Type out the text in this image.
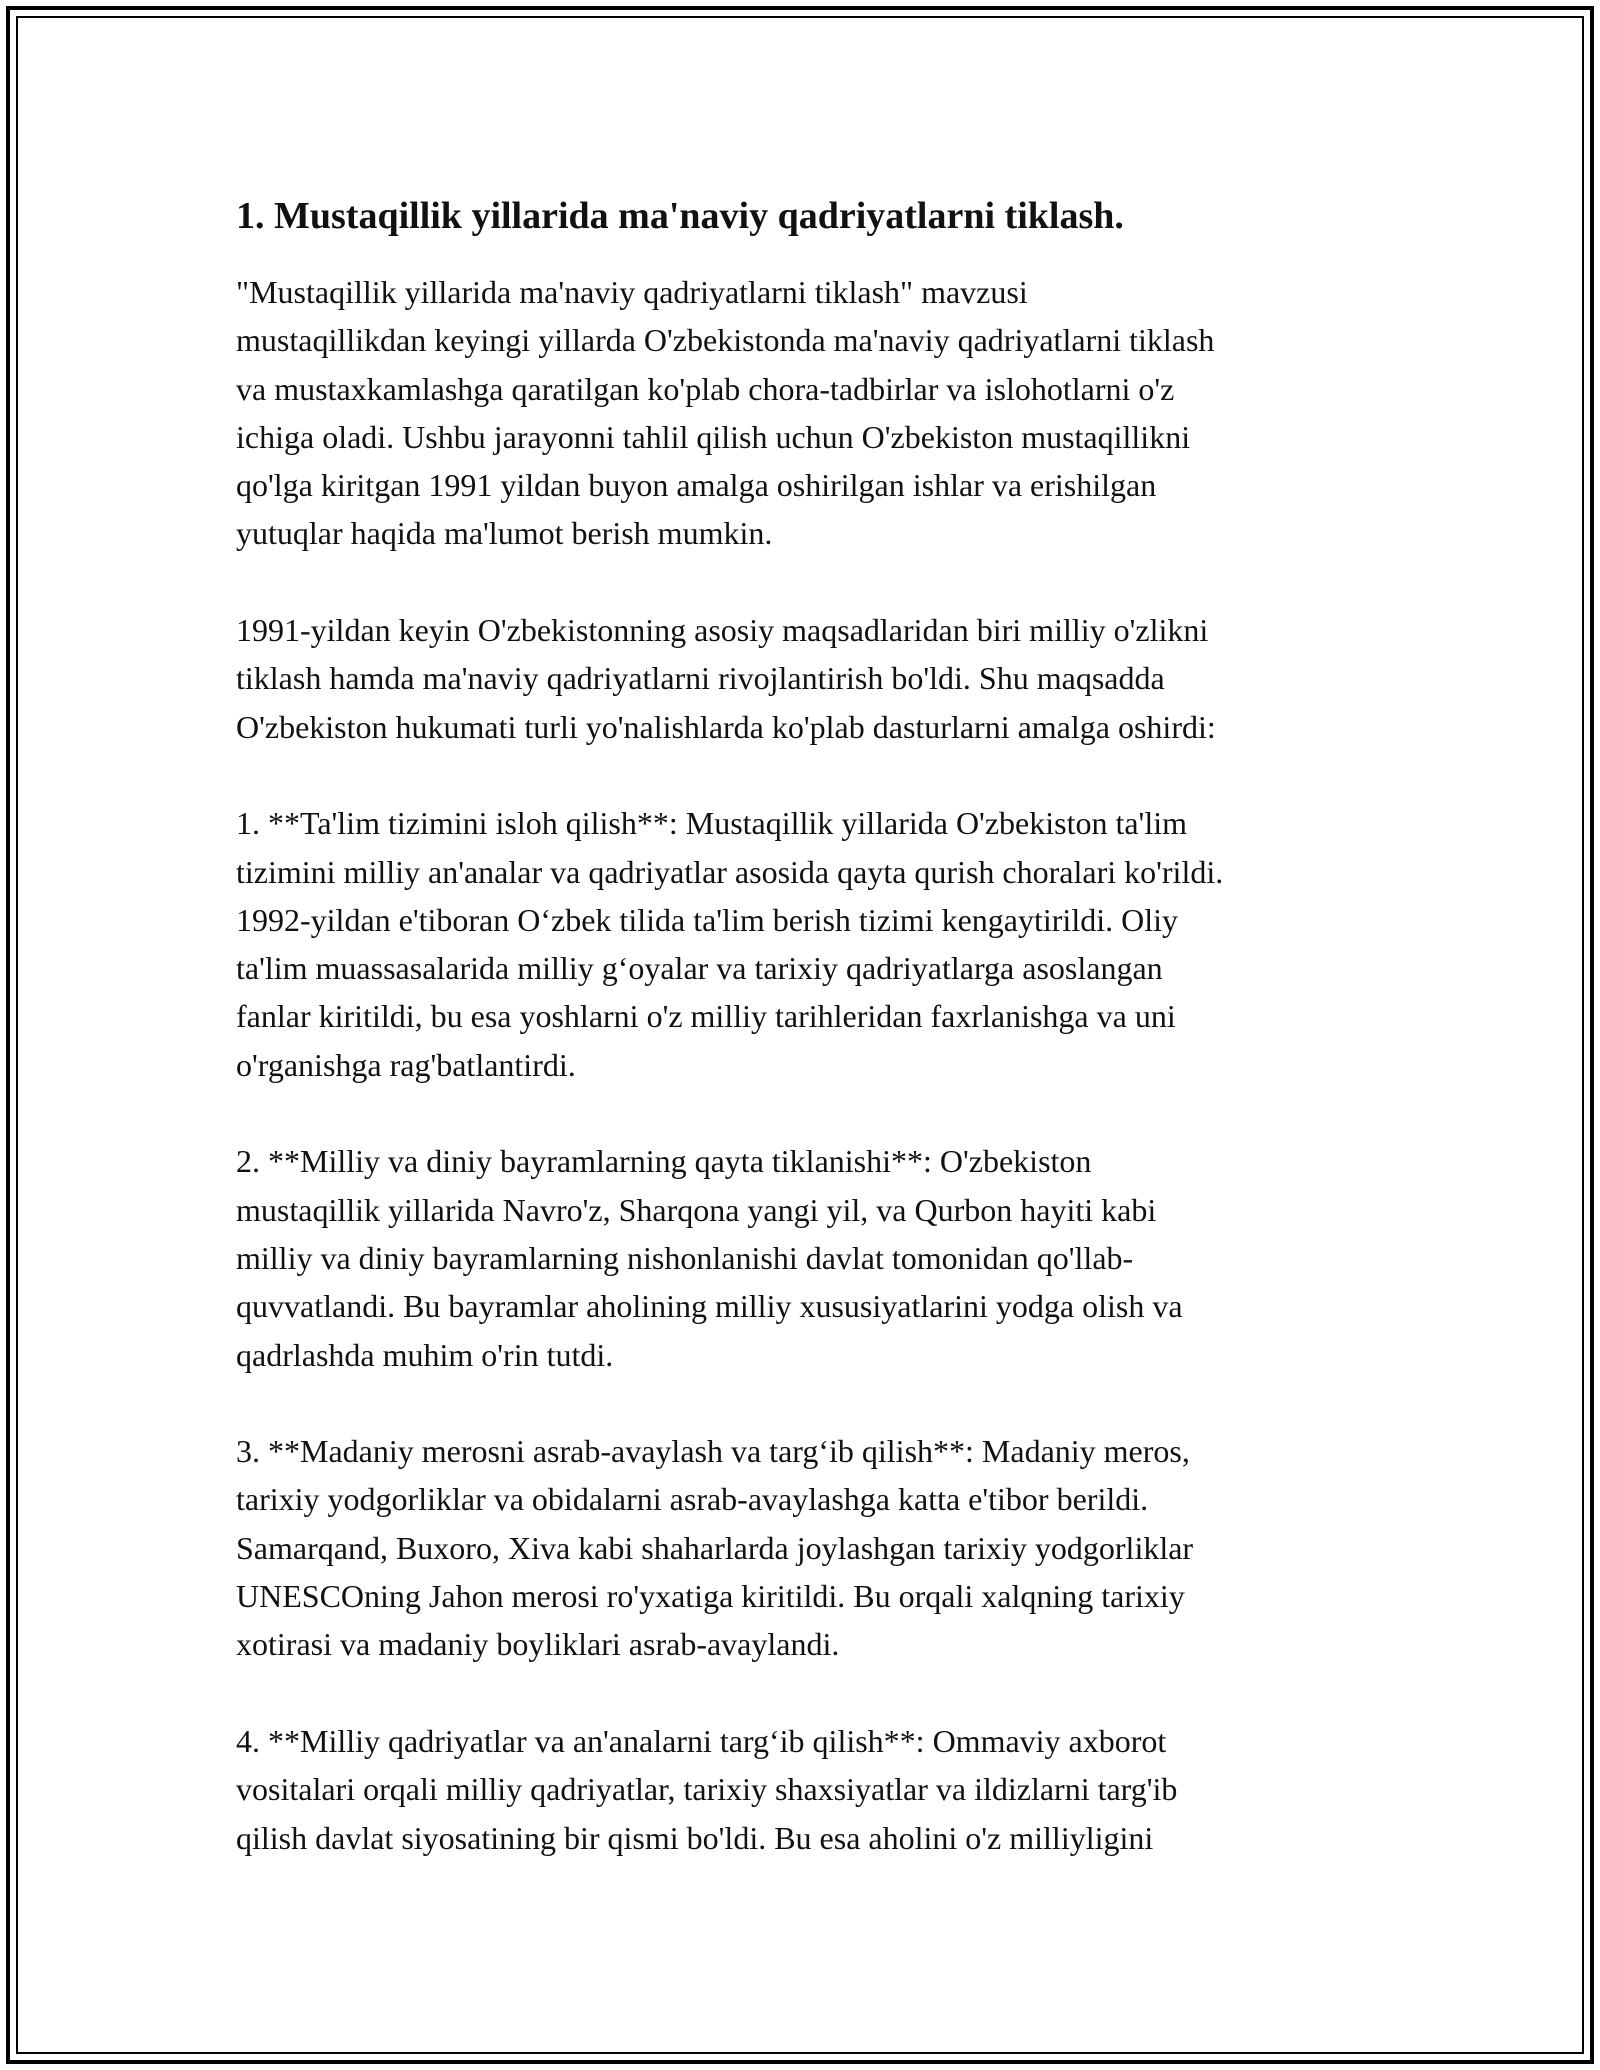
1. Mustaqillik yillarida ma'naviy qadriyatlarni tiklash.

"Mustaqillik yillarida ma'naviy qadriyatlarni tiklash" mavzusi
mustaqillikdan keyingi yillarda O'zbekistonda ma'naviy qadriyatlarni tiklash
va mustaxkamlashga qaratilgan ko'plab chora-tadbirlar va islohotlarni o'z
ichiga oladi. Ushbu jarayonni tahlil qilish uchun O'zbekiston mustaqillikni
qo'lga kiritgan 1991 yildan buyon amalga oshirilgan ishlar va erishilgan
yutuqlar haqida ma'lumot berish mumkin.

1991-yildan keyin O'zbekistonning asosiy maqsadlaridan biri milliy o'zlikni
tiklash hamda ma'naviy qadriyatlarni rivojlantirish bo'ldi. Shu maqsadda
O'zbekiston hukumati turli yo'nalishlarda ko'plab dasturlarni amalga oshirdi:

1. **Ta'lim tizimini isloh qilish**: Mustaqillik yillarida O'zbekiston ta'lim
tizimini milliy an'analar va qadriyatlar asosida qayta qurish choralari ko'rildi.
1992-yildan e'tiboran O‘zbek tilida ta'lim berish tizimi kengaytirildi. Oliy
ta'lim muassasalarida milliy g‘oyalar va tarixiy qadriyatlarga asoslangan
fanlar kiritildi, bu esa yoshlarni o'z milliy tarihleridan faxrlanishga va uni
o'rganishga rag'batlantirdi.

2. **Milliy va diniy bayramlarning qayta tiklanishi**: O'zbekiston
mustaqillik yillarida Navro'z, Sharqona yangi yil, va Qurbon hayiti kabi
milliy va diniy bayramlarning nishonlanishi davlat tomonidan qo'llab-
quvvatlandi. Bu bayramlar aholining milliy xususiyatlarini yodga olish va
qadrlashda muhim o'rin tutdi.

3. **Madaniy merosni asrab-avaylash va targ‘ib qilish**: Madaniy meros,
tarixiy yodgorliklar va obidalarni asrab-avaylashga katta e'tibor berildi.
Samarqand, Buxoro, Xiva kabi shaharlarda joylashgan tarixiy yodgorliklar
UNESCOning Jahon merosi ro'yxatiga kiritildi. Bu orqali xalqning tarixiy
xotirasi va madaniy boyliklari asrab-avaylandi.

4. **Milliy qadriyatlar va an'analarni targ‘ib qilish**: Ommaviy axborot
vositalari orqali milliy qadriyatlar, tarixiy shaxsiyatlar va ildizlarni targ'ib
qilish davlat siyosatining bir qismi bo'ldi. Bu esa aholini o'z milliyligini
